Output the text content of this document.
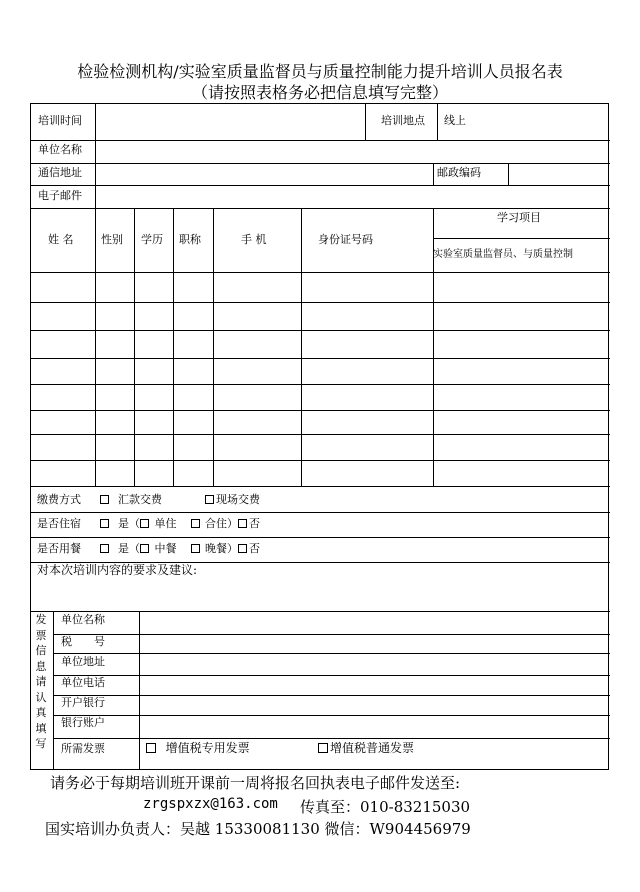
检验检测机构/实验室质量监督员与质量控制能力提升培训人员报名表
（请按照表格务必把信息填写完整）
培训时间	培训地点 线上
单位名称
通信地址	邮政编码
电子邮件
姓 名	性别 学历 职称	手 机	身份证号码
学习项目
实验室质量监督员、与质量控制
缴费方式	汇款交费	现场交费
是否住宿	是（ 单住	合住） 否
是否用餐	是（ 中餐	晚餐） 否
对本次培训内容的要求及建议:
发票信息请认真填写
单位名称
税　　号
单位地址
单位电话
开户银行
银行账户
所需发票	增值税专用发票	增值税普通发票
请务必于每期培训班开课前一周将报名回执表电子邮件发送至:
zrgspxzx@163.com 传真至：010-83215030
国实培训办负责人：吴越 15330081130 微信：W904456979
